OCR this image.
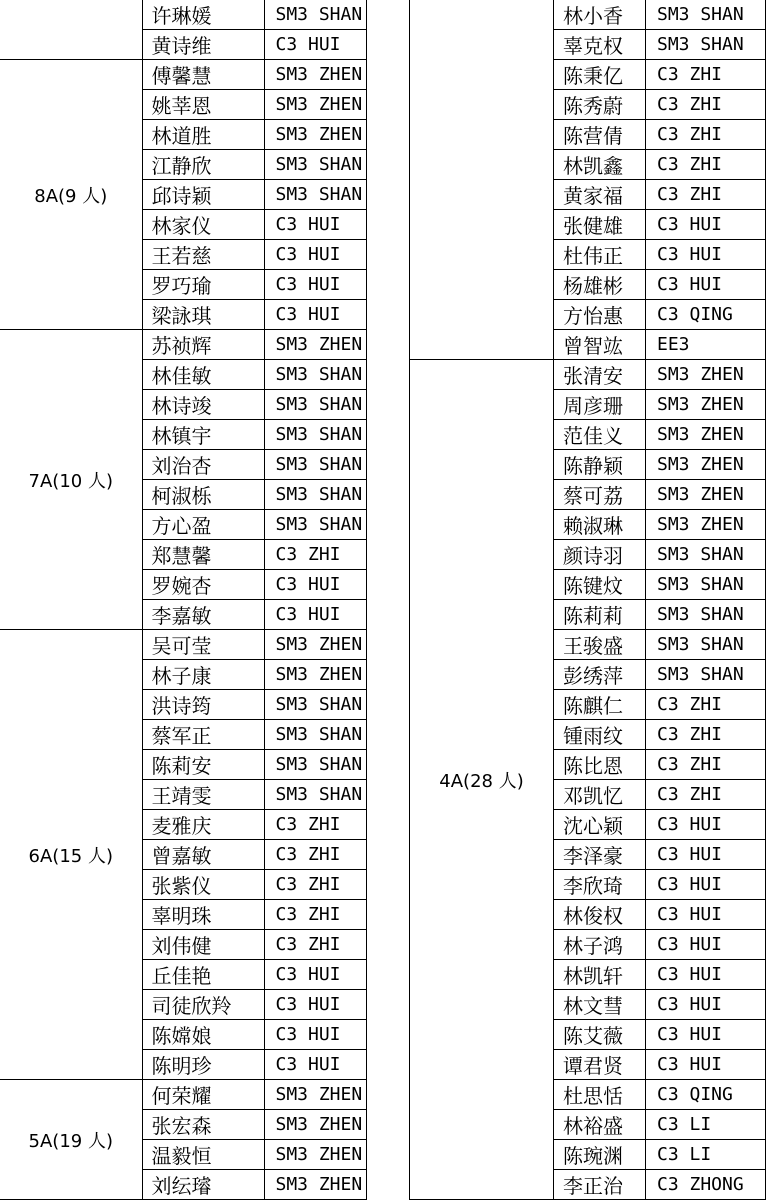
	许琳媛	SM3 SHAN
	黄诗维	C3 HUI
8A(9 人)	傅馨慧	SM3 ZHEN
	姚莘恩	SM3 ZHEN
	林道胜	SM3 ZHEN
	江静欣	SM3 SHAN
	邱诗颖	SM3 SHAN
	林家仪	C3 HUI
	王若慈	C3 HUI
	罗巧瑜	C3 HUI
	梁詠琪	C3 HUI
7A(10 人)	苏祯辉	SM3 ZHEN
	林佳敏	SM3 SHAN
	林诗竣	SM3 SHAN
	林镇宇	SM3 SHAN
	刘治杏	SM3 SHAN
	柯淑栎	SM3 SHAN
	方心盈	SM3 SHAN
	郑慧馨	C3 ZHI
	罗婉杏	C3 HUI
	李嘉敏	C3 HUI
6A(15 人)	吴可莹	SM3 ZHEN
	林子康	SM3 ZHEN
	洪诗筠	SM3 SHAN
	蔡军正	SM3 SHAN
	陈莉安	SM3 SHAN
	王靖雯	SM3 SHAN
	麦雅庆	C3 ZHI
	曾嘉敏	C3 ZHI
	张紫仪	C3 ZHI
	辜明珠	C3 ZHI
	刘伟健	C3 ZHI
	丘佳艳	C3 HUI
	司徒欣羚	C3 HUI
	陈嫦娘	C3 HUI
	陈明珍	C3 HUI
5A(19 人)	何荣耀	SM3 ZHEN
	张宏森	SM3 ZHEN
	温毅恒	SM3 ZHEN
	刘纭璿	SM3 ZHEN
	林小香	SM3 SHAN
	辜克权	SM3 SHAN
	陈秉亿	C3 ZHI
	陈秀蔚	C3 ZHI
	陈营倩	C3 ZHI
	林凯鑫	C3 ZHI
	黄家福	C3 ZHI
	张健雄	C3 HUI
	杜伟正	C3 HUI
	杨雄彬	C3 HUI
	方怡惠	C3 QING
	曾智竑	EE3
4A(28 人)	张清安	SM3 ZHEN
	周彦珊	SM3 ZHEN
	范佳义	SM3 ZHEN
	陈静颖	SM3 ZHEN
	蔡可荔	SM3 ZHEN
	赖淑琳	SM3 ZHEN
	颜诗羽	SM3 SHAN
	陈键炆	SM3 SHAN
	陈莉莉	SM3 SHAN
	王骏盛	SM3 SHAN
	彭绣萍	SM3 SHAN
	陈麒仁	C3 ZHI
	锺雨纹	C3 ZHI
	陈比恩	C3 ZHI
	邓凯忆	C3 ZHI
	沈心颖	C3 HUI
	李泽豪	C3 HUI
	李欣琦	C3 HUI
	林俊权	C3 HUI
	林子鸿	C3 HUI
	林凯轩	C3 HUI
	林文彗	C3 HUI
	陈艾薇	C3 HUI
	谭君贤	C3 HUI
	杜思恬	C3 QING
	林裕盛	C3 LI
	陈琬渊	C3 LI
	李正治	C3 ZHONG
